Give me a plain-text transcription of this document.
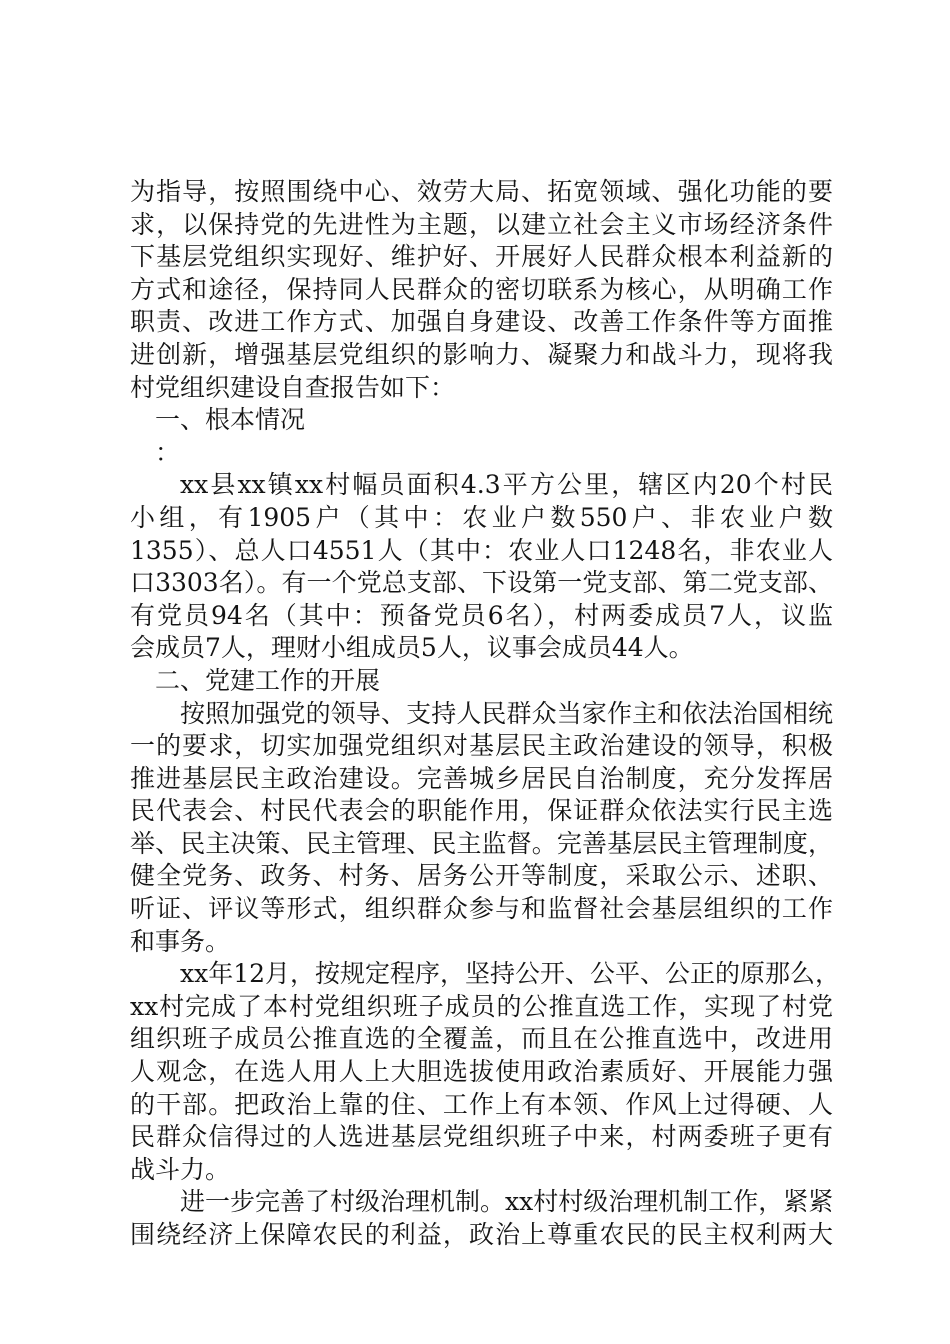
为指导，按照围绕中心、效劳大局、拓宽领域、强化功能的要
求，以保持党的先进性为主题，以建立社会主义市场经济条件
下基层党组织实现好、维护好、开展好人民群众根本利益新的
方式和途径，保持同人民群众的密切联系为核心，从明确工作
职责、改进工作方式、加强自身建设、改善工作条件等方面推
进创新，增强基层党组织的影响力、凝聚力和战斗力，现将我
村党组织建设自查报告如下：
一、根本情况
：
xx县xx镇xx村幅员面积4.3平方公里，辖区内20个村民
小组，有1905户（其中：农业户数550户、非农业户数
1355）、总人口4551人（其中：农业人口1248名，非农业人
口3303名）。有一个党总支部、下设第一党支部、第二党支部、
有党员94名（其中：预备党员6名），村两委成员7人，议监
会成员7人，理财小组成员5人，议事会成员44人。
二、党建工作的开展
按照加强党的领导、支持人民群众当家作主和依法治国相统
一的要求，切实加强党组织对基层民主政治建设的领导，积极
推进基层民主政治建设。完善城乡居民自治制度，充分发挥居
民代表会、村民代表会的职能作用，保证群众依法实行民主选
举、民主决策、民主管理、民主监督。完善基层民主管理制度，
健全党务、政务、村务、居务公开等制度，采取公示、述职、
听证、评议等形式，组织群众参与和监督社会基层组织的工作
和事务。
xx年12月，按规定程序，坚持公开、公平、公正的原那么，
xx村完成了本村党组织班子成员的公推直选工作，实现了村党
组织班子成员公推直选的全覆盖，而且在公推直选中，改进用
人观念，在选人用人上大胆选拔使用政治素质好、开展能力强
的干部。把政治上靠的住、工作上有本领、作风上过得硬、人
民群众信得过的人选进基层党组织班子中来，村两委班子更有
战斗力。
进一步完善了村级治理机制。xx村村级治理机制工作，紧紧
围绕经济上保障农民的利益，政治上尊重农民的民主权利两大
